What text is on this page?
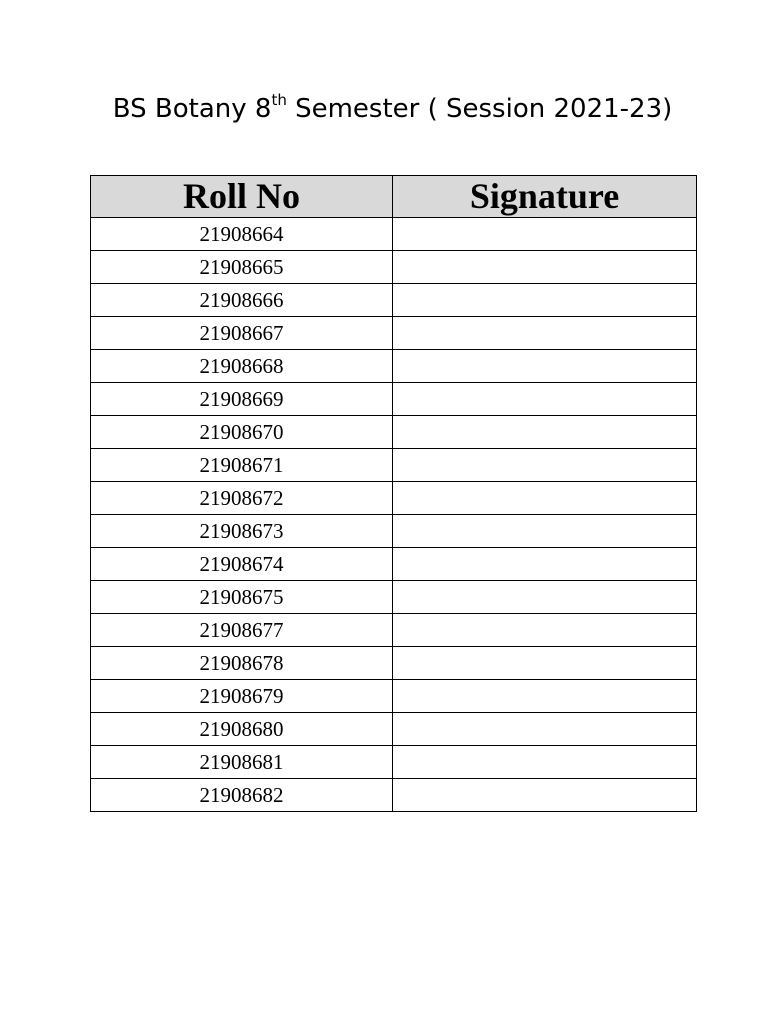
BS Botany 8th Semester ( Session 2021-23)
Roll No	Signature
21908664	
21908665	
21908666	
21908667	
21908668	
21908669	
21908670	
21908671	
21908672	
21908673	
21908674	
21908675	
21908677	
21908678	
21908679	
21908680	
21908681	
21908682	
